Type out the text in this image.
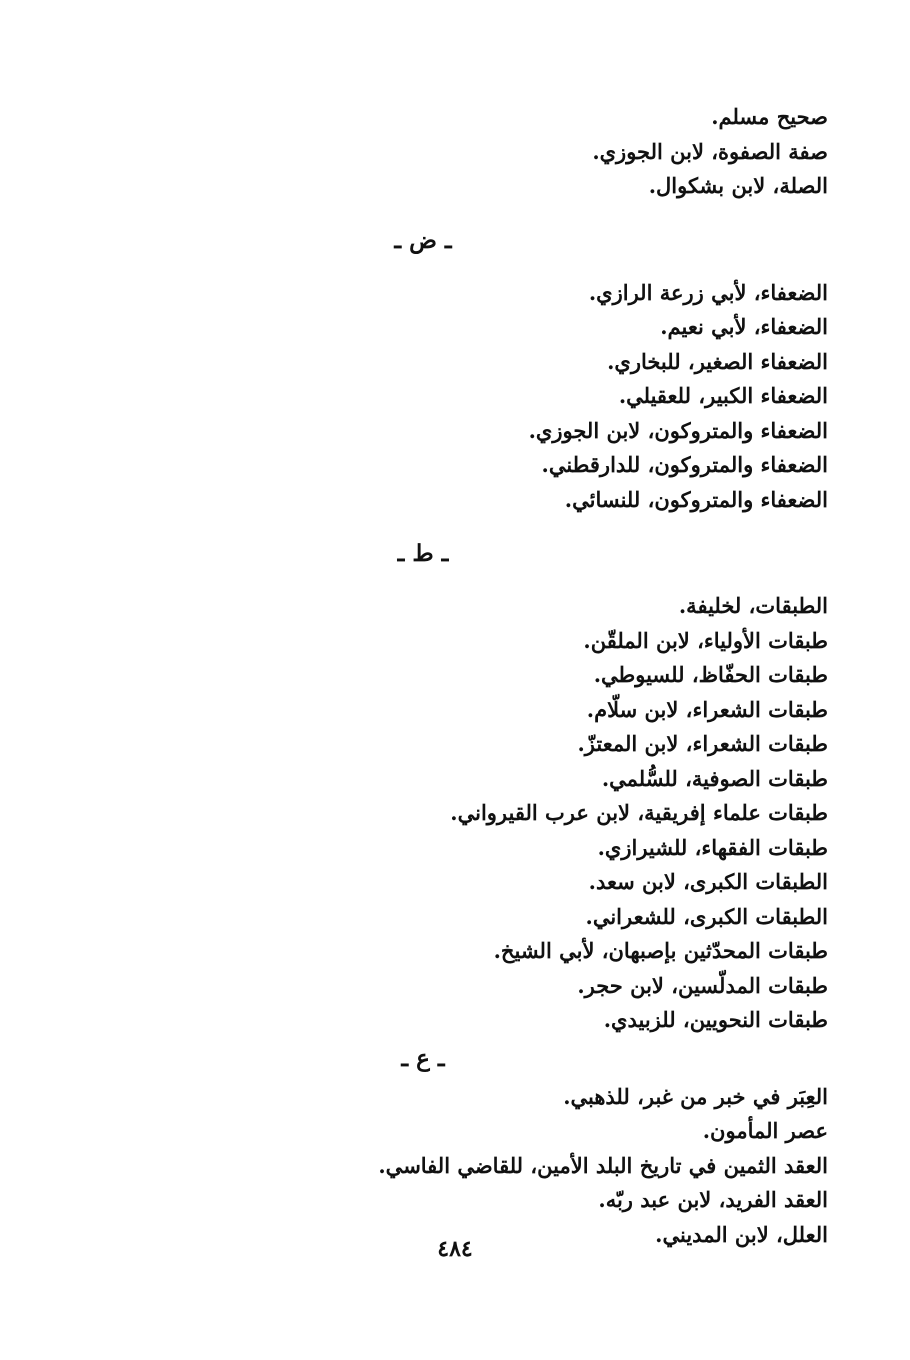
صحيح مسلم.

صفة الصفوة، لابن الجوزي.

الصلة، لابن بشكوال.

ـ ض ـ

الضعفاء، لأبي زرعة الرازي.

الضعفاء، لأبي نعيم.

الضعفاء الصغير، للبخاري.

الضعفاء الكبير، للعقيلي.

الضعفاء والمتروكون، لابن الجوزي.

الضعفاء والمتروكون، للدارقطني.

الضعفاء والمتروكون، للنسائي.

ـ ط ـ

الطبقات، لخليفة.

طبقات الأولياء، لابن الملقّن.

طبقات الحفّاظ، للسيوطي.

طبقات الشعراء، لابن سلّام.

طبقات الشعراء، لابن المعتزّ.

طبقات الصوفية، للسُّلمي.

طبقات علماء إفريقية، لابن عرب القيرواني.

طبقات الفقهاء، للشيرازي.

الطبقات الكبرى، لابن سعد.

الطبقات الكبرى، للشعراني.

طبقات المحدّثين بإصبهان، لأبي الشيخ.

طبقات المدلّسين، لابن حجر.

طبقات النحويين، للزبيدي.

ـ ع ـ

العِبَر في خبر من غبر، للذهبي.

عصر المأمون.

العقد الثمين في تاريخ البلد الأمين، للقاضي الفاسي.

العقد الفريد، لابن عبد ربّه.

العلل، لابن المديني.

٤٨٤
